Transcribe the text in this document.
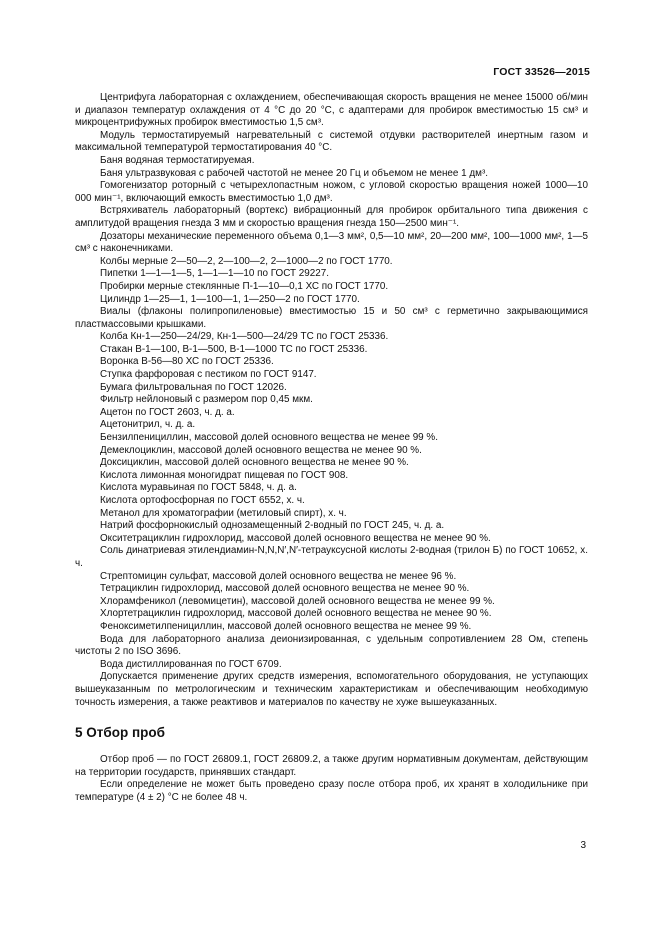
ГОСТ 33526—2015

Центрифуга лабораторная с охлаждением, обеспечивающая скорость вращения не менее 15000 об/мин и диапазон температур охлаждения от 4 °С до 20 °С, с адаптерами для пробирок вместимостью 15 см³ и микроцентрифужных пробирок вместимостью 1,5 см³.

Модуль термостатируемый нагревательный с системой отдувки растворителей инертным газом и максимальной температурой термостатирования 40 °С.

Баня водяная термостатируемая.

Баня ультразвуковая с рабочей частотой не менее 20 Гц и объемом не менее 1 дм³.

Гомогенизатор роторный с четырехлопастным ножом, с угловой скоростью вращения ножей 1000—10 000 мин⁻¹, включающий емкость вместимостью 1,0 дм³.

Встряхиватель лабораторный (вортекс) вибрационный для пробирок орбитального типа движения с амплитудой вращения гнезда 3 мм и скоростью вращения гнезда 150—2500 мин⁻¹.

Дозаторы механические переменного объема 0,1—3 мм², 0,5—10 мм², 20—200 мм², 100—1000 мм², 1—5 см³ с наконечниками.

Колбы мерные 2—50—2, 2—100—2, 2—1000—2 по ГОСТ 1770.

Пипетки 1—1—1—5, 1—1—1—10 по ГОСТ 29227.

Пробирки мерные стеклянные П-1—10—0,1 ХС по ГОСТ 1770.

Цилиндр 1—25—1, 1—100—1, 1—250—2 по ГОСТ 1770.

Виалы (флаконы полипропиленовые) вместимостью 15 и 50 см³ с герметично закрывающимися пластмассовыми крышками.

Колба Кн-1—250—24/29, Кн-1—500—24/29 ТС по ГОСТ 25336.

Стакан В-1—100, В-1—500, В-1—1000 ТС по ГОСТ 25336.

Воронка В-56—80 ХС по ГОСТ 25336.

Ступка фарфоровая с пестиком по ГОСТ 9147.

Бумага фильтровальная по ГОСТ 12026.

Фильтр нейлоновый с размером пор 0,45 мкм.

Ацетон по ГОСТ 2603, ч. д. а.

Ацетонитрил, ч. д. а.

Бензилпенициллин, массовой долей основного вещества не менее 99 %.

Демеклоциклин, массовой долей основного вещества не менее 90 %.

Доксициклин, массовой долей основного вещества не менее 90 %.

Кислота лимонная моногидрат пищевая по ГОСТ 908.

Кислота муравьиная по ГОСТ 5848, ч. д. а.

Кислота ортофосфорная по ГОСТ 6552, х. ч.

Метанол для хроматографии (метиловый спирт), х. ч.

Натрий фосфорнокислый однозамещенный 2-водный по ГОСТ 245, ч. д. а.

Окситетрациклин гидрохлорид, массовой долей основного вещества не менее 90 %.

Соль динатриевая этилендиамин-N,N,N′,N′-тетрауксусной кислоты 2-водная (трилон Б) по ГОСТ 10652, х. ч.

Стрептомицин сульфат, массовой долей основного вещества не менее 96 %.

Тетрациклин гидрохлорид, массовой долей основного вещества не менее 90 %.

Хлорамфеникол (левомицетин), массовой долей основного вещества не менее 99 %.

Хлортетрациклин гидрохлорид, массовой долей основного вещества не менее 90 %.

Феноксиметилпенициллин, массовой долей основного вещества не менее 99 %.

Вода для лабораторного анализа деионизированная, с удельным сопротивлением 28 Ом, степень чистоты 2 по ISO 3696.

Вода дистиллированная по ГОСТ 6709.

Допускается применение других средств измерения, вспомогательного оборудования, не уступающих вышеуказанным по метрологическим и техническим характеристикам и обеспечивающим необходимую точность измерения, а также реактивов и материалов по качеству не хуже вышеуказанных.

5 Отбор проб

Отбор проб — по ГОСТ 26809.1, ГОСТ 26809.2, а также другим нормативным документам, действующим на территории государств, принявших стандарт.

Если определение не может быть проведено сразу после отбора проб, их хранят в холодильнике при температуре (4 ± 2) °С не более 48 ч.

3
